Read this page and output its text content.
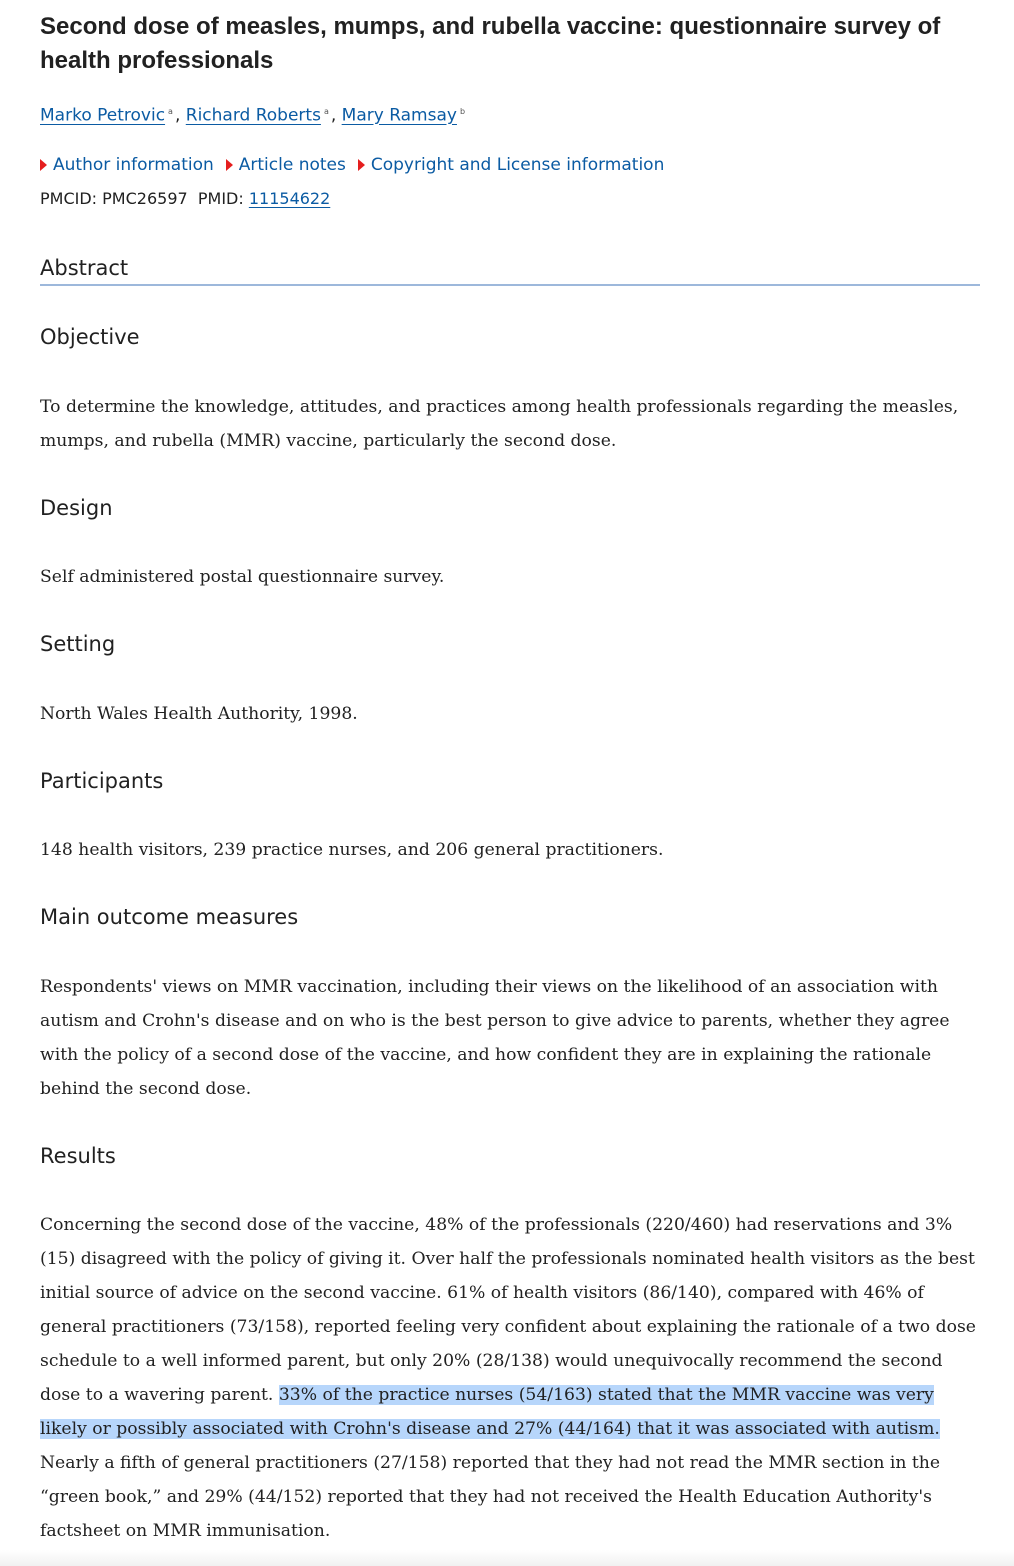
Second dose of measles, mumps, and rubella vaccine: questionnaire survey of health professionals
Marko Petrovic $^a$ , Richard Roberts $^a$ , Mary Ramsay $^b$
Author information Article notes Copyright and License information
PMCID: PMC26597 PMID: 11154622
Abstract
Objective

To determine the knowledge, attitudes, and practices among health professionals regarding the measles, mumps, and rubella (MMR) vaccine, particularly the second dose.

Design

Self administered postal questionnaire survey.

Setting

North Wales Health Authority, 1998.

Participants

148 health visitors, 239 practice nurses, and 206 general practitioners.

Main outcome measures

Respondents' views on MMR vaccination, including their views on the likelihood of an association with autism and Crohn's disease and on who is the best person to give advice to parents, whether they agree with the policy of a second dose of the vaccine, and how confident they are in explaining the rationale behind the second dose.

Results

Concerning the second dose of the vaccine, 48% of the professionals (220/460) had reservations and 3% (15) disagreed with the policy of giving it. Over half the professionals nominated health visitors as the best initial source of advice on the second vaccine. 61% of health visitors (86/140), compared with 46% of general practitioners (73/158), reported feeling very confident about explaining the rationale of a two dose schedule to a well informed parent, but only 20% (28/138) would unequivocally recommend the second dose to a wavering parent. 33% of the practice nurses (54/163) stated that the MMR vaccine was very likely or possibly associated with Crohn's disease and 27% (44/164) that it was associated with autism. Nearly a fifth of general practitioners (27/158) reported that they had not read the MMR section in the “green book,” and 29% (44/152) reported that they had not received the Health Education Authority's factsheet on MMR immunisation.
